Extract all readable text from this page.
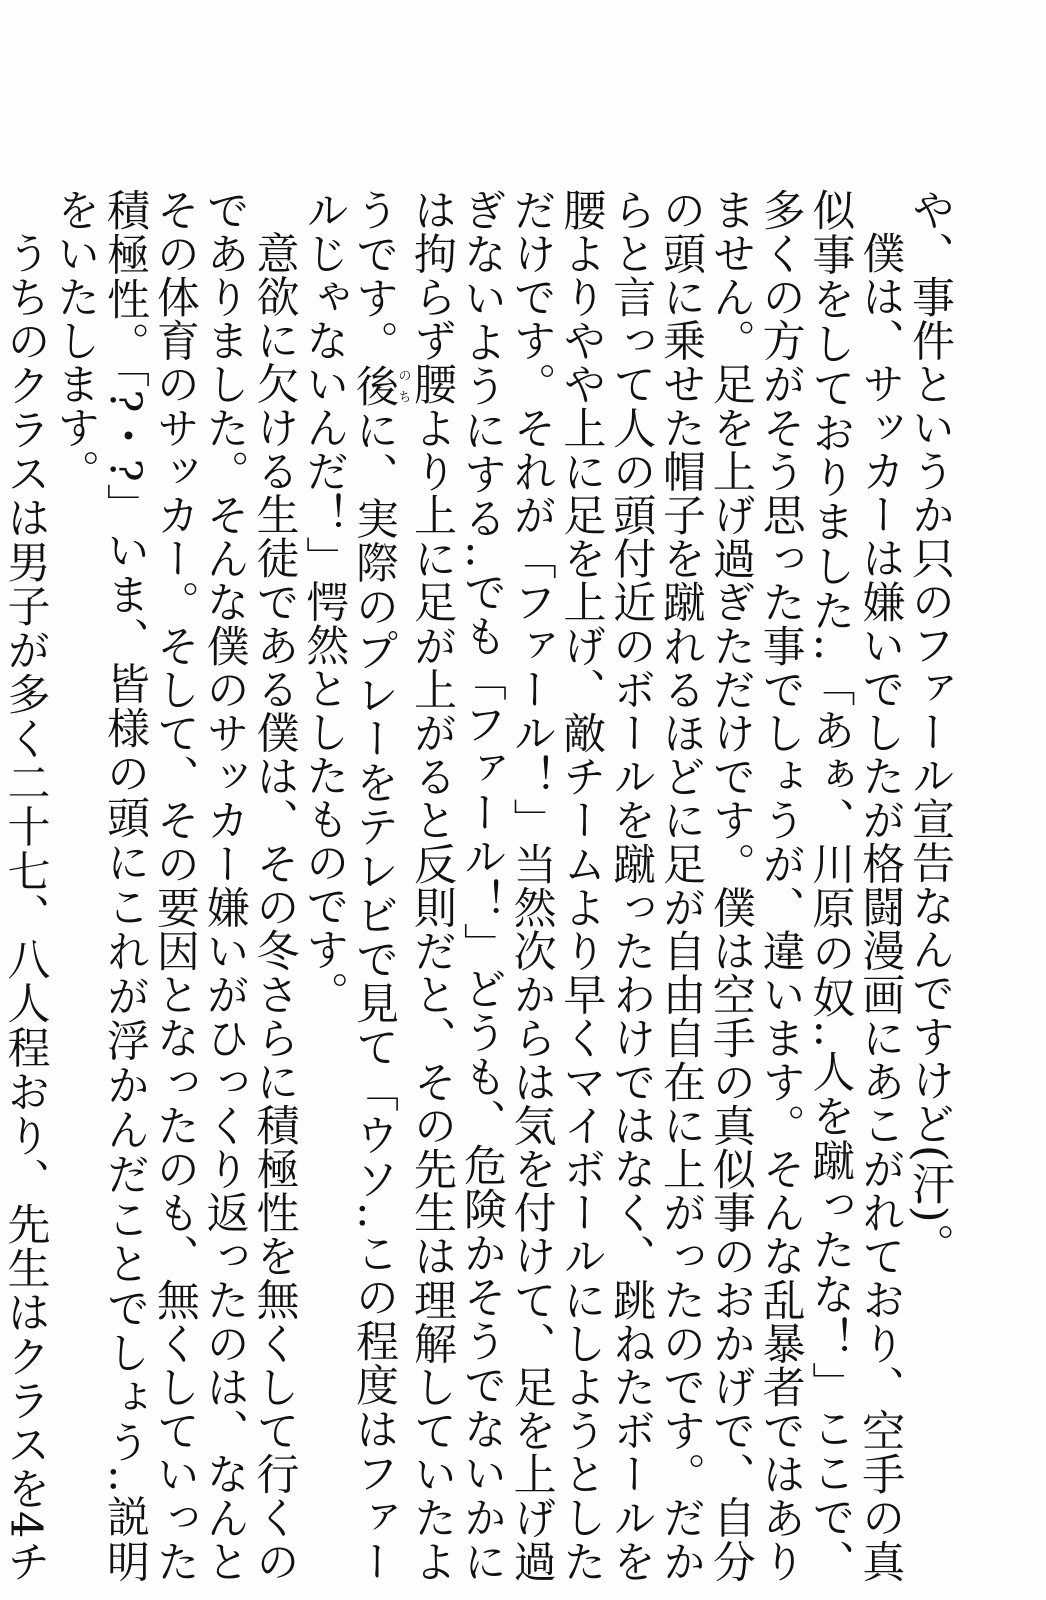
や、事件というか只のファール宣告なんですけど(汗)。

僕は、サッカーは嫌いでしたが格闘漫画にあこがれており、空手の真似事をしておりました‥「あぁ、川原の奴‥人を蹴ったな！」ここで、多くの方がそう思った事でしょうが、違います。そんな乱暴者ではありません。足を上げ過ぎただけです。僕は空手の真似事のおかげで、自分の頭に乗せた帽子を蹴れるほどに足が自由自在に上がったのです。だからと言って人の頭付近のボールを蹴ったわけではなく、跳ねたボールを腰よりやや上に足を上げ、敵チームより早くマイボールにしようとしただけです。それが「ファール！」当然次からは気を付けて、足を上げ過ぎないようにする‥でも「ファール！」どうも、危険かそうでないかには拘らず腰より上に足が上がると反則だと、その先生は理解していたようです。後のちに、実際のプレーをテレビで見て「ウソ‥この程度はファールじゃないんだ！」愕然としたものです。

意欲に欠ける生徒である僕は、その冬さらに積極性を無くして行くのでありました。そんな僕のサッカー嫌いがひっくり返ったのは、なんとその体育のサッカー。そして、その要因となったのも、無くしていった積極性。「?・?」いま、皆様の頭にこれが浮かんだことでしょう‥説明をいたします。

うちのクラスは男子が多く二十七、八人程おり、先生はクラスを4チ
